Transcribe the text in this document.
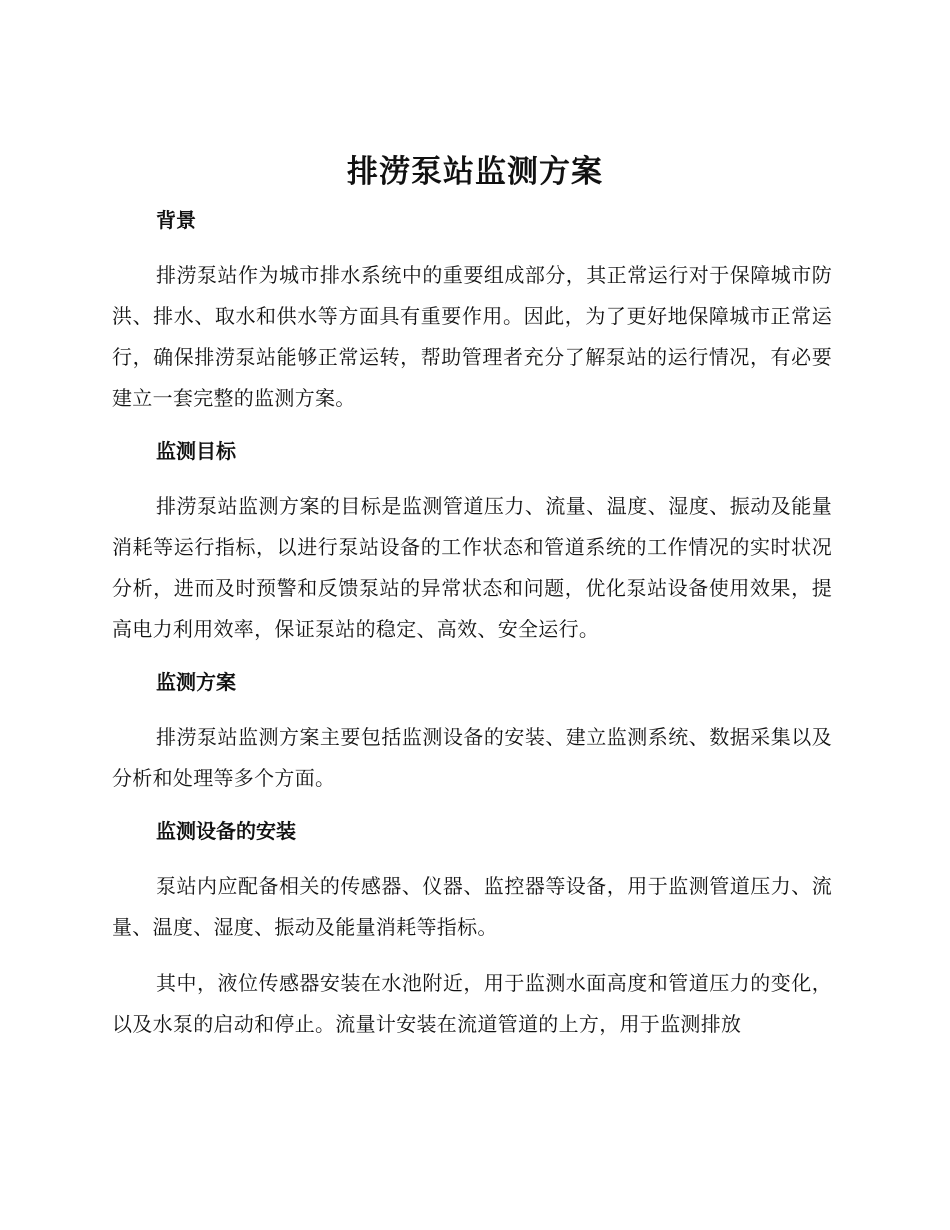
排涝泵站监测方案
背景

排涝泵站作为城市排水系统中的重要组成部分，其正常运行对于保障城市防洪、排水、取水和供水等方面具有重要作用。因此，为了更好地保障城市正常运行，确保排涝泵站能够正常运转，帮助管理者充分了解泵站的运行情况，有必要建立一套完整的监测方案。

监测目标

排涝泵站监测方案的目标是监测管道压力、流量、温度、湿度、振动及能量消耗等运行指标，以进行泵站设备的工作状态和管道系统的工作情况的实时状况分析，进而及时预警和反馈泵站的异常状态和问题，优化泵站设备使用效果，提高电力利用效率，保证泵站的稳定、高效、安全运行。

监测方案

排涝泵站监测方案主要包括监测设备的安装、建立监测系统、数据采集以及分析和处理等多个方面。

监测设备的安装

泵站内应配备相关的传感器、仪器、监控器等设备，用于监测管道压力、流量、温度、湿度、振动及能量消耗等指标。

其中，液位传感器安装在水池附近，用于监测水面高度和管道压力的变化，以及水泵的启动和停止。流量计安装在流道管道的上方，用于监测排放
